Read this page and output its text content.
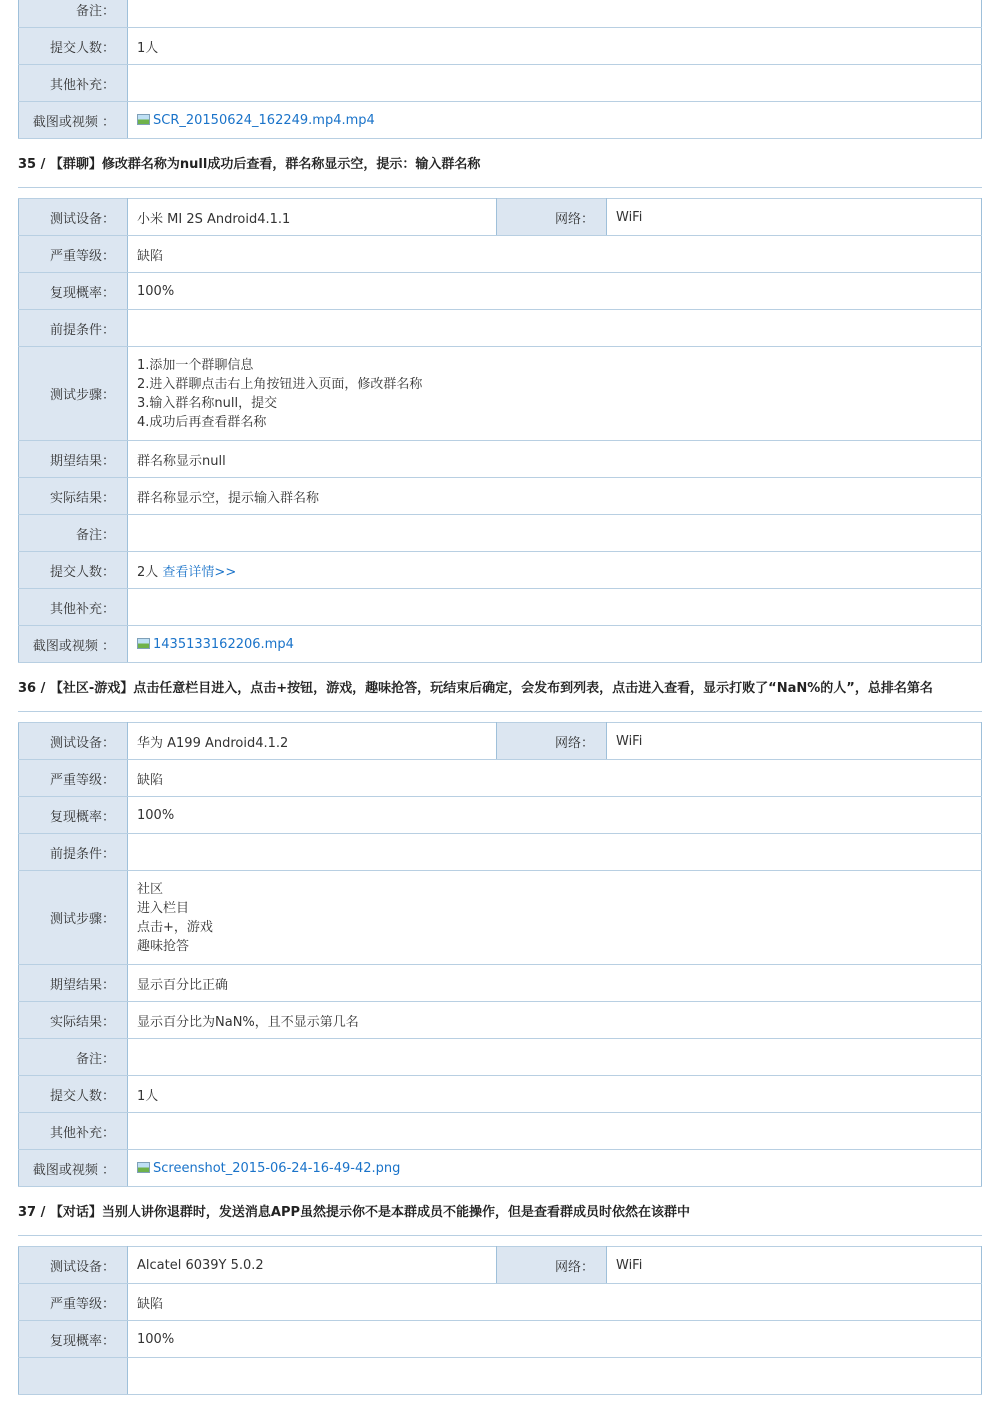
备注：	
提交人数：	1人
其他补充：	
截图或视频 ：	SCR_20150624_162249.mp4.mp4
35 / 【群聊】修改群名称为null成功后查看，群名称显示空，提示：输入群名称
测试设备：	小米 MI 2S Android4.1.1	网络：	WiFi
严重等级：	缺陷		
复现概率：	100%		
前提条件：			
测试步骤：	1.添加一个群聊信息
2.进入群聊点击右上角按钮进入页面，修改群名称
3.输入群名称null，提交
4.成功后再查看群名称		

期望结果：	群名称显示null		
实际结果：	群名称显示空，提示输入群名称		
备注：			
提交人数：	2人 查看详情>>		
其他补充：			
截图或视频 ：	1435133162206.mp4		
36 / 【社区-游戏】点击任意栏目进入，点击+按钮，游戏，趣味抢答，玩结束后确定，会发布到列表，点击进入查看，显示打败了“NaN%的人”，总排名第名
测试设备：	华为 A199 Android4.1.2	网络：	WiFi
严重等级：	缺陷		
复现概率：	100%		
前提条件：			
测试步骤：	社区
进入栏目
点击+，游戏
趣味抢答		

期望结果：	显示百分比正确		
实际结果：	显示百分比为NaN%，且不显示第几名		
备注：			
提交人数：	1人		
其他补充：			
截图或视频 ：	Screenshot_2015-06-24-16-49-42.png		
37 / 【对话】当别人讲你退群时，发送消息APP虽然提示你不是本群成员不能操作，但是查看群成员时依然在该群中
测试设备：	Alcatel 6039Y 5.0.2	网络：	WiFi
严重等级：	缺陷		
复现概率：	100%		
